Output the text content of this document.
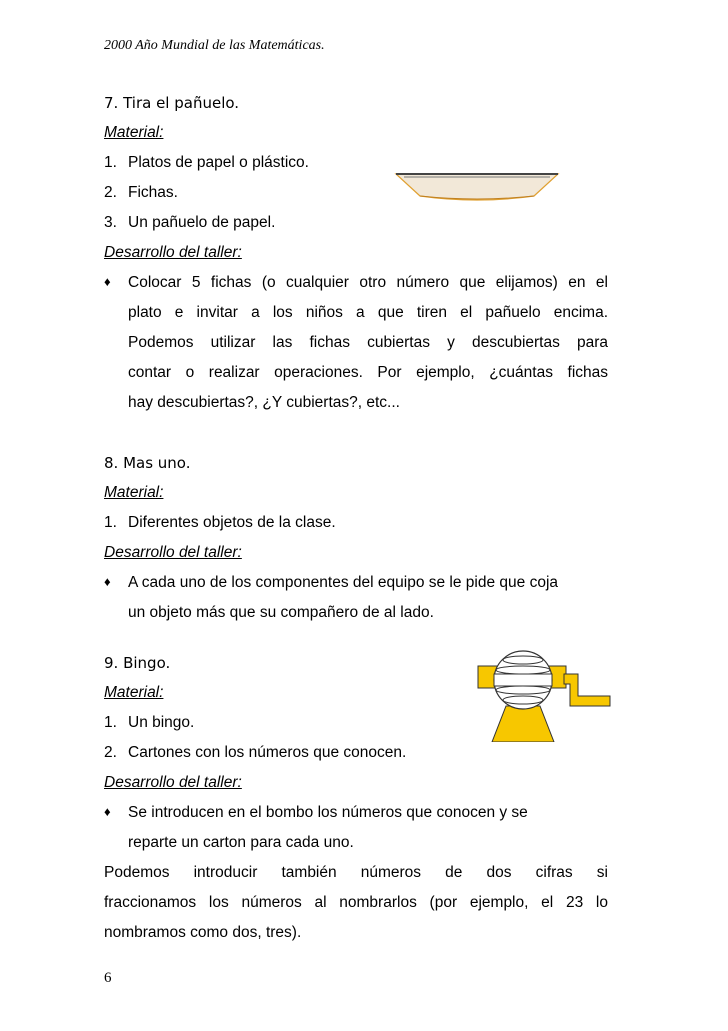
2000 Año Mundial de las Matemáticas.
7. Tira el pañuelo.
Material:
1. Platos de papel o plástico.
2. Fichas.
3. Un pañuelo de papel.
Desarrollo del taller:
♦	Colocar 5 fichas (o cualquier otro número que elijamos) en el
plato e invitar a los niños a que tiren el pañuelo encima.
Podemos utilizar las fichas cubiertas y descubiertas para
contar o realizar operaciones. Por ejemplo, ¿cuántas fichas
hay descubiertas?, ¿Y cubiertas?, etc...
8. Mas uno.
Material:
1. Diferentes objetos de la clase.
Desarrollo del taller:
♦	A cada uno de los componentes del equipo se le pide que coja
un objeto más que su compañero de al lado.
9. Bingo.
Material:
1. Un bingo.
2. Cartones con los números que conocen.
Desarrollo del taller:
♦	Se introducen en el bombo los números que conocen y se
reparte un carton para cada uno.
Podemos introducir también números de dos cifras si
fraccionamos los números al nombrarlos (por ejemplo, el 23 lo
nombramos como dos, tres).
6
